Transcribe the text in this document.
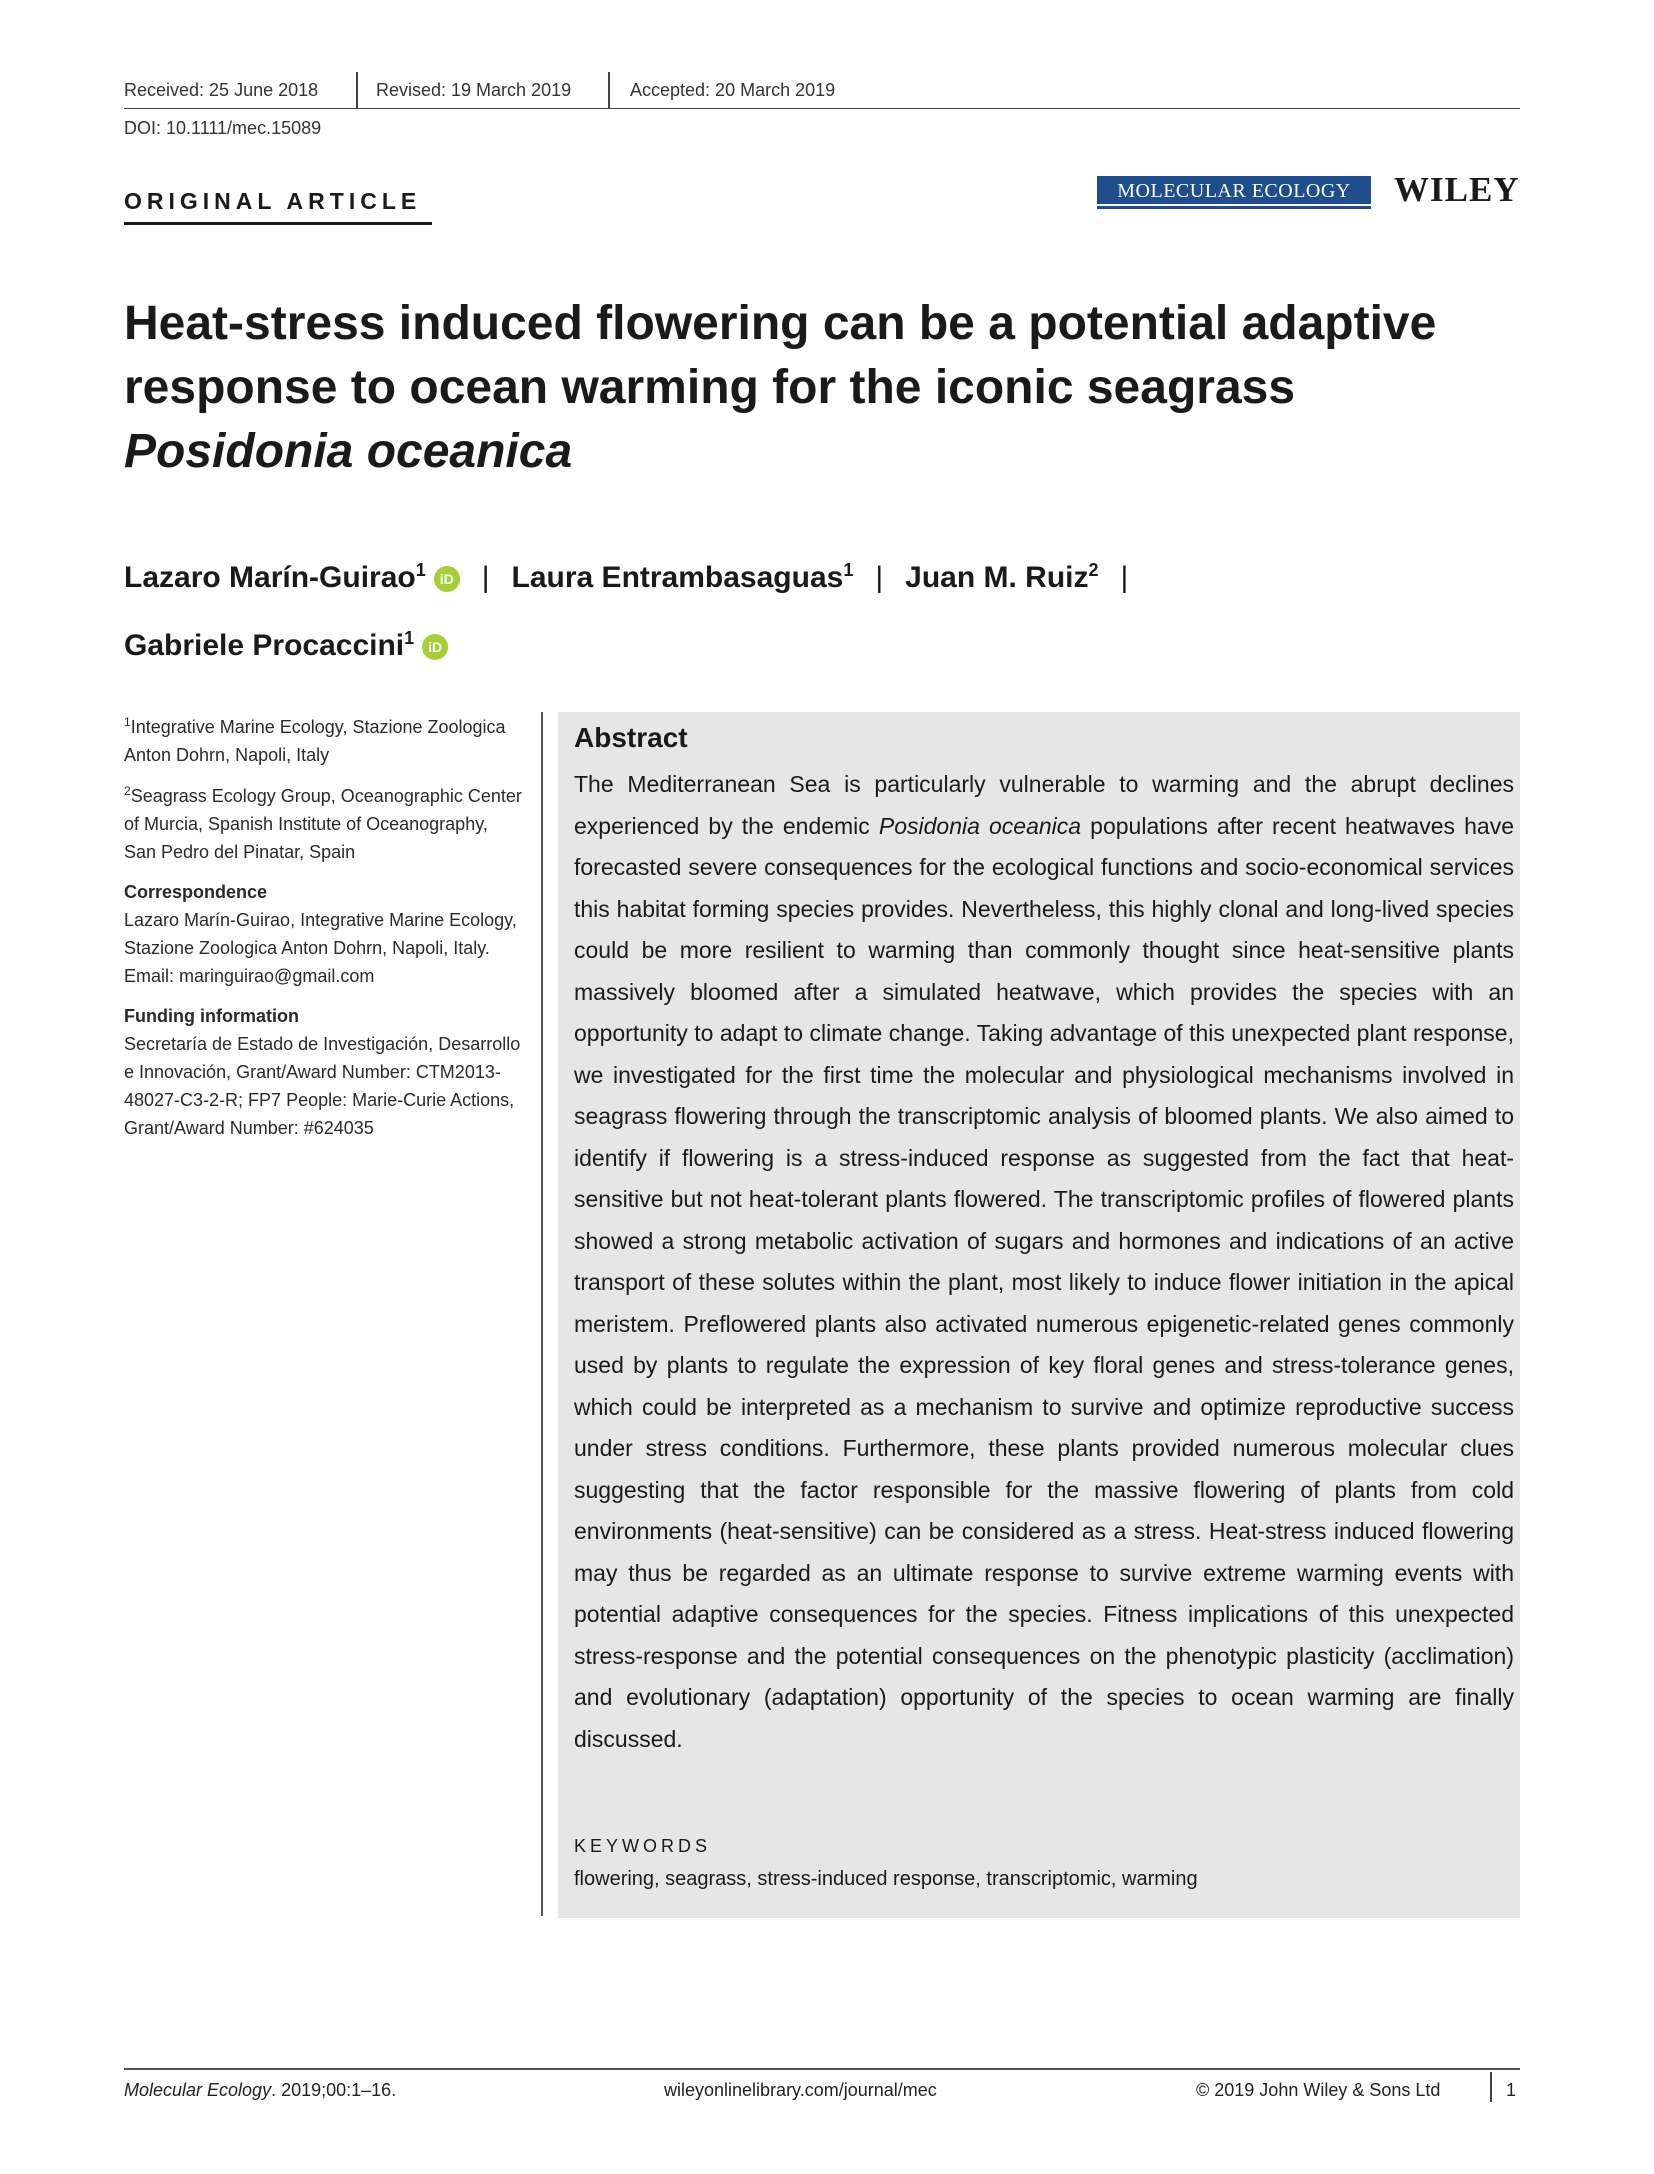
Received: 25 June 2018	Revised: 19 March 2019	Accepted: 20 March 2019
DOI: 10.1111/mec.15089
ORIGINAL ARTICLE	MOLECULAR ECOLOGY	WILEY
Heat-stress induced flowering can be a potential adaptive response to ocean warming for the iconic seagrass Posidonia oceanica
Lazaro Marín-Guirao$^1$ iD | Laura Entrambasaguas$^1$ | Juan M. Ruiz$^2$ |
Gabriele Procaccini$^1$ iD

$^1$Integrative Marine Ecology, Stazione Zoologica Anton Dohrn, Napoli, Italy

$^2$Seagrass Ecology Group, Oceanographic Center of Murcia, Spanish Institute of Oceanography, San Pedro del Pinatar, Spain

Correspondence

Lazaro Marín-Guirao, Integrative Marine Ecology, Stazione Zoologica Anton Dohrn, Napoli, Italy.

Email: maringuirao@gmail.com

Funding information

Secretaría de Estado de Investigación, Desarrollo e Innovación, Grant/Award Number: CTM2013-48027-C3-2-R; FP7 People: Marie-Curie Actions, Grant/Award Number: #624035

Abstract
The Mediterranean Sea is particularly vulnerable to warming and the abrupt declines experienced by the endemic Posidonia oceanica populations after recent heatwaves have forecasted severe consequences for the ecological functions and socio-economical services this habitat forming species provides. Nevertheless, this highly clonal and long-lived species could be more resilient to warming than commonly thought since heat-sensitive plants massively bloomed after a simulated heatwave, which provides the species with an opportunity to adapt to climate change. Taking advantage of this unexpected plant response, we investigated for the first time the molecular and physiological mechanisms involved in seagrass flowering through the transcriptomic analysis of bloomed plants. We also aimed to identify if flowering is a stress-induced response as suggested from the fact that heat-sensitive but not heat-tolerant plants flowered. The transcriptomic profiles of flowered plants showed a strong metabolic activation of sugars and hormones and indications of an active transport of these solutes within the plant, most likely to induce flower initiation in the apical meristem. Preflowered plants also activated numerous epigenetic-related genes commonly used by plants to regulate the expression of key floral genes and stress-tolerance genes, which could be interpreted as a mechanism to survive and optimize reproductive success under stress conditions. Furthermore, these plants provided numerous molecular clues suggesting that the factor responsible for the massive flowering of plants from cold environments (heat-sensitive) can be considered as a stress. Heat-stress induced flowering may thus be regarded as an ultimate response to survive extreme warming events with potential adaptive consequences for the species. Fitness implications of this unexpected stress-response and the potential consequences on the phenotypic plasticity (acclimation) and evolutionary (adaptation) opportunity of the species to ocean warming are finally discussed.
KEYWORDS
flowering, seagrass, stress-induced response, transcriptomic, warming
Molecular Ecology. 2019;00:1–16.	wileyonlinelibrary.com/journal/mec	© 2019 John Wiley & Sons Ltd	1
